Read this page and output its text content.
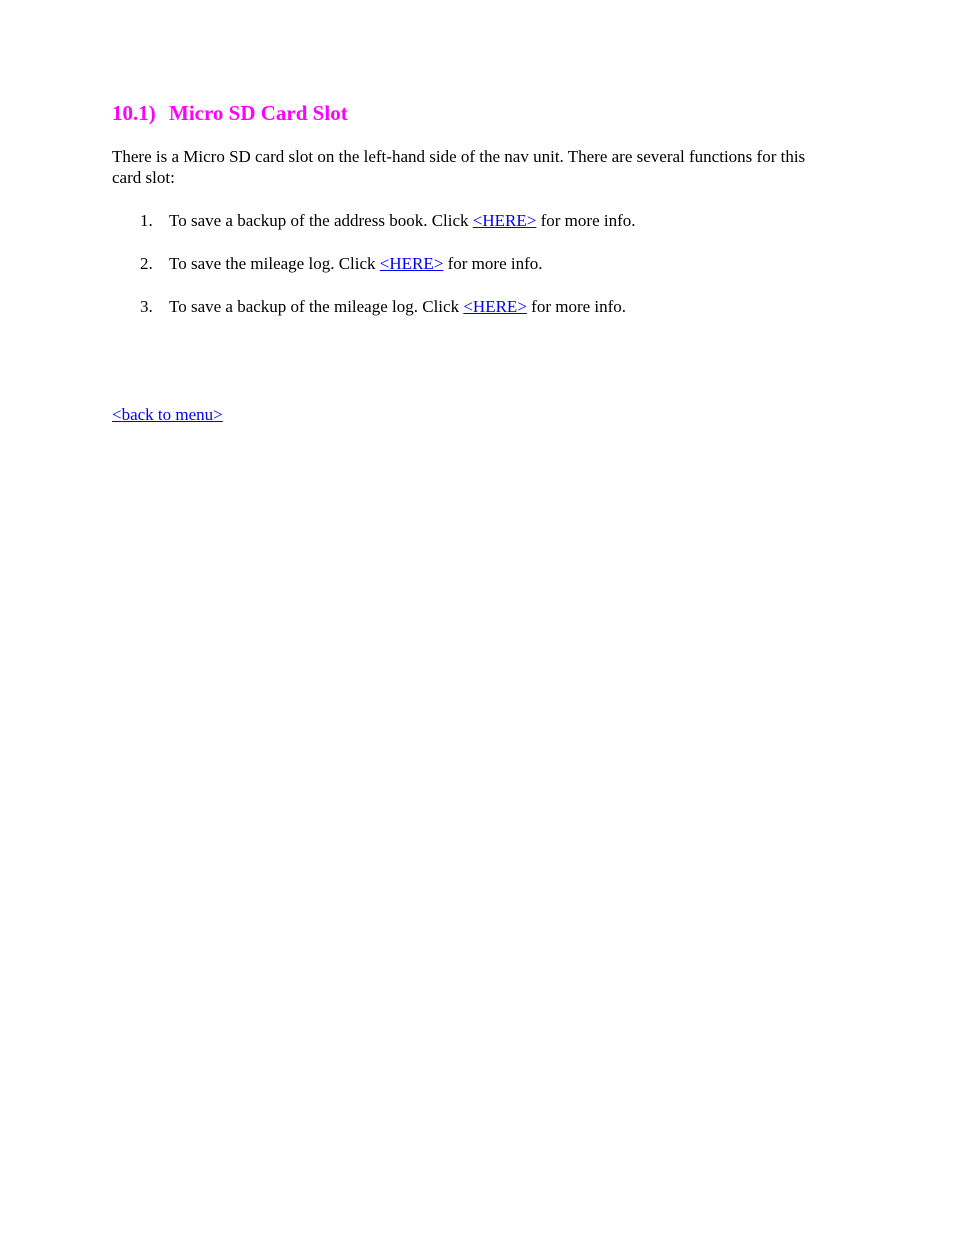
10.1) Micro SD Card Slot

There is a Micro SD card slot on the left-hand side of the nav unit. There are several functions for this card slot:

1. To save a backup of the address book. Click <HERE> for more info.
2. To save the mileage log. Click <HERE> for more info.
3. To save a backup of the mileage log. Click <HERE> for more info.
<back to menu>
